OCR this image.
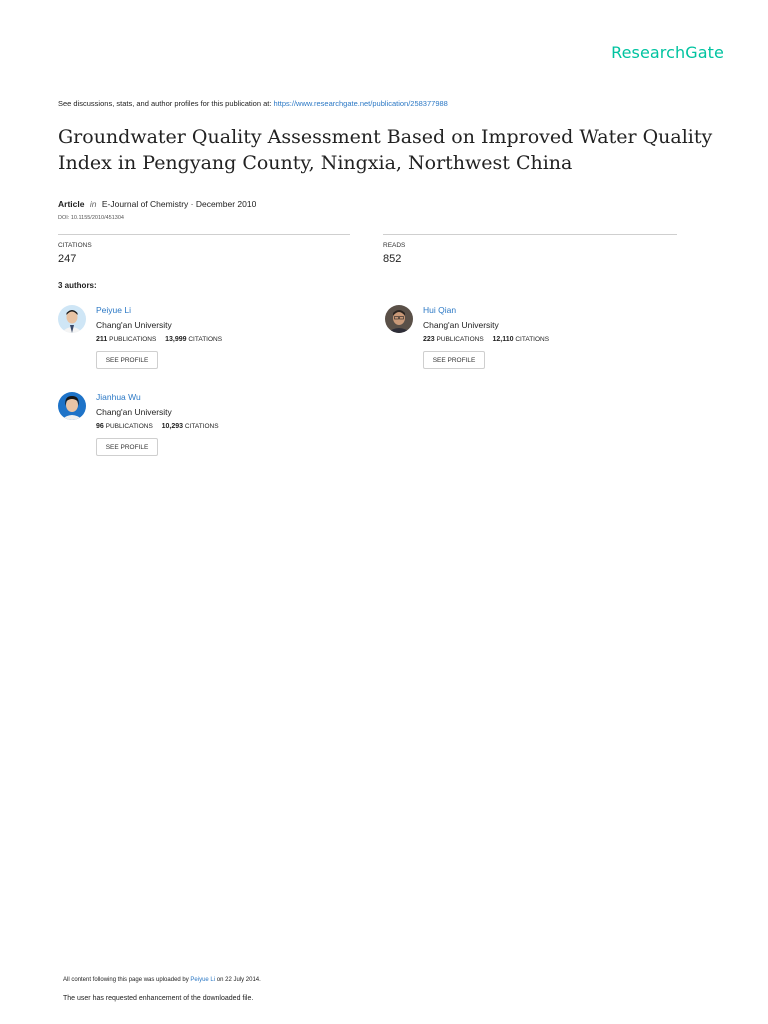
ResearchGate
See discussions, stats, and author profiles for this publication at: https://www.researchgate.net/publication/258377988
Groundwater Quality Assessment Based on Improved Water Quality Index in Pengyang County, Ningxia, Northwest China
Article in E-Journal of Chemistry · December 2010
DOI: 10.1155/2010/451304
CITATIONS
247
READS
852
3 authors:
Peiyue Li
Chang'an University
211 PUBLICATIONS 13,999 CITATIONS
SEE PROFILE
Hui Qian
Chang'an University
223 PUBLICATIONS 12,110 CITATIONS
SEE PROFILE
Jianhua Wu
Chang'an University
96 PUBLICATIONS 10,293 CITATIONS
SEE PROFILE
All content following this page was uploaded by Peiyue Li on 22 July 2014.
The user has requested enhancement of the downloaded file.
